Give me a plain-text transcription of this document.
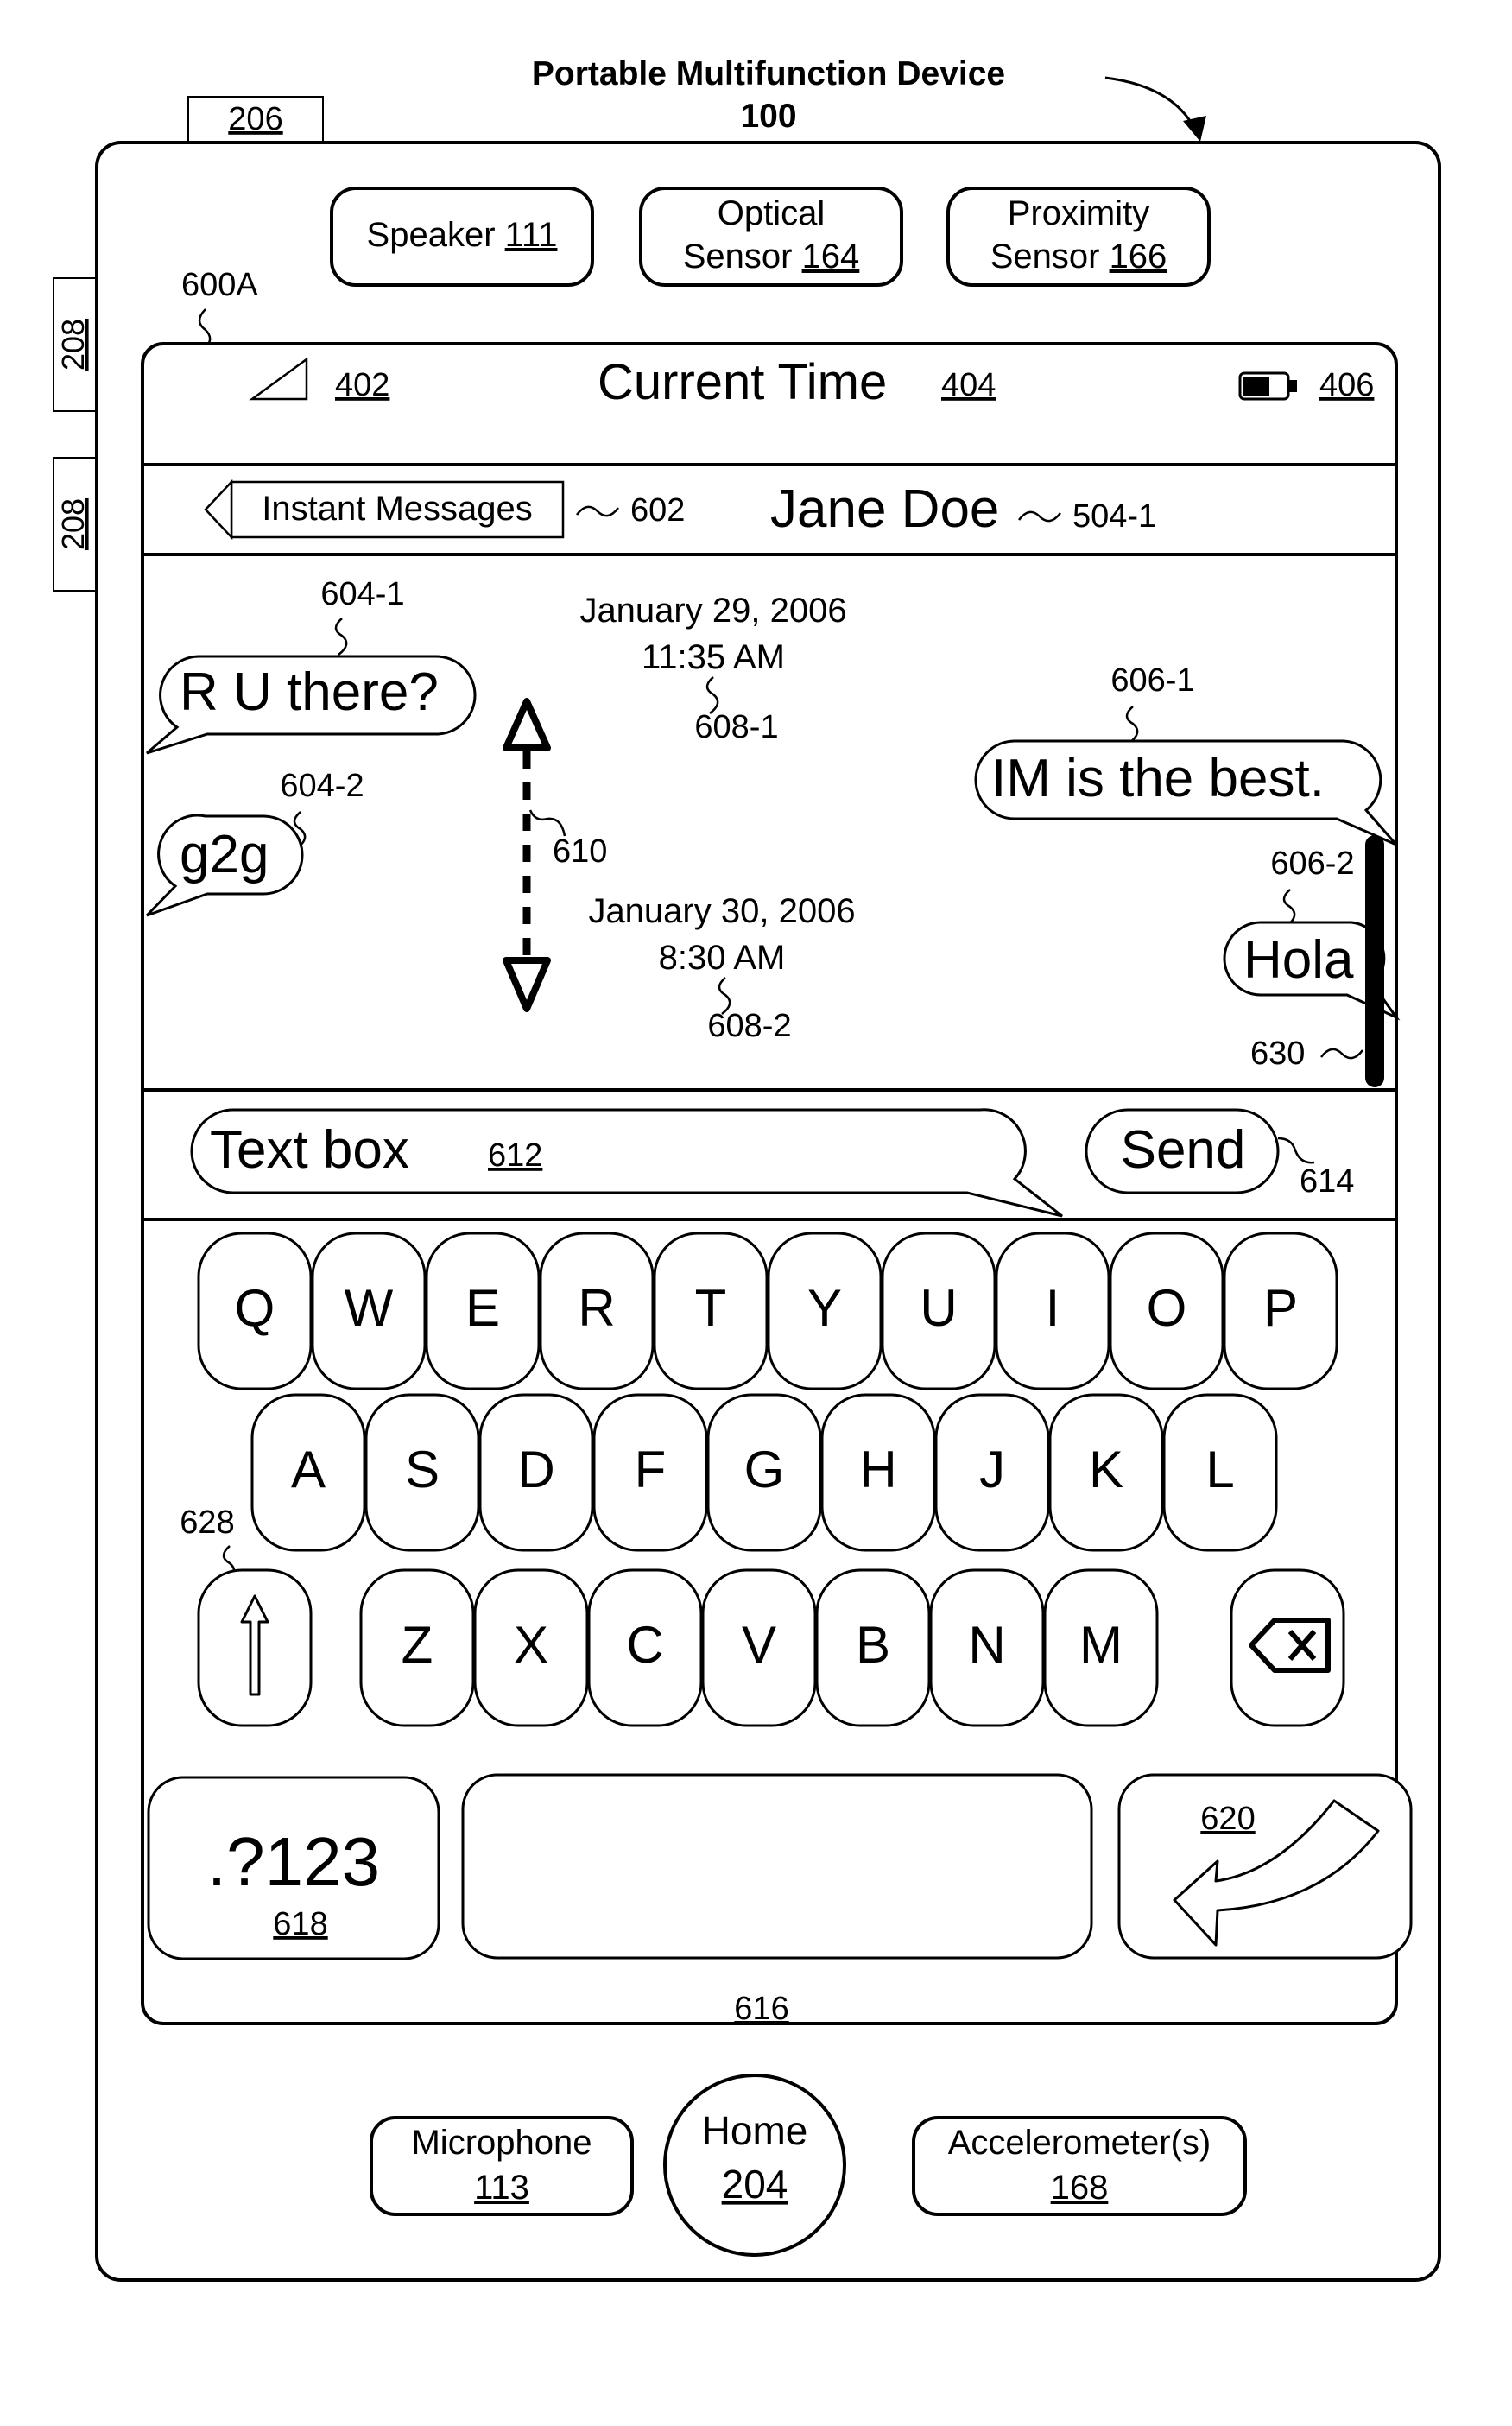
Portable Multifunction Device
100
206
208
208
Speaker 111
Optical
Sensor 164
Proximity
Sensor 166
600A
402	Current Time 404	406
Instant Messages	602 Jane Doe 504-1
604-1
R U there?
604-2
g2g
January 29, 2006
11:35 AM
608-1
January 30, 2006
8:30 AM
608-2
610
606-1
IM is the best.
606-2
Hola
630
Text box 612	Send
614
Q W E R T Y U I O P
A S D F G H J K L
628
Z X C V B N M
.?123
618
620
616
Microphone
113
Home
204
Accelerometer(s)
168
